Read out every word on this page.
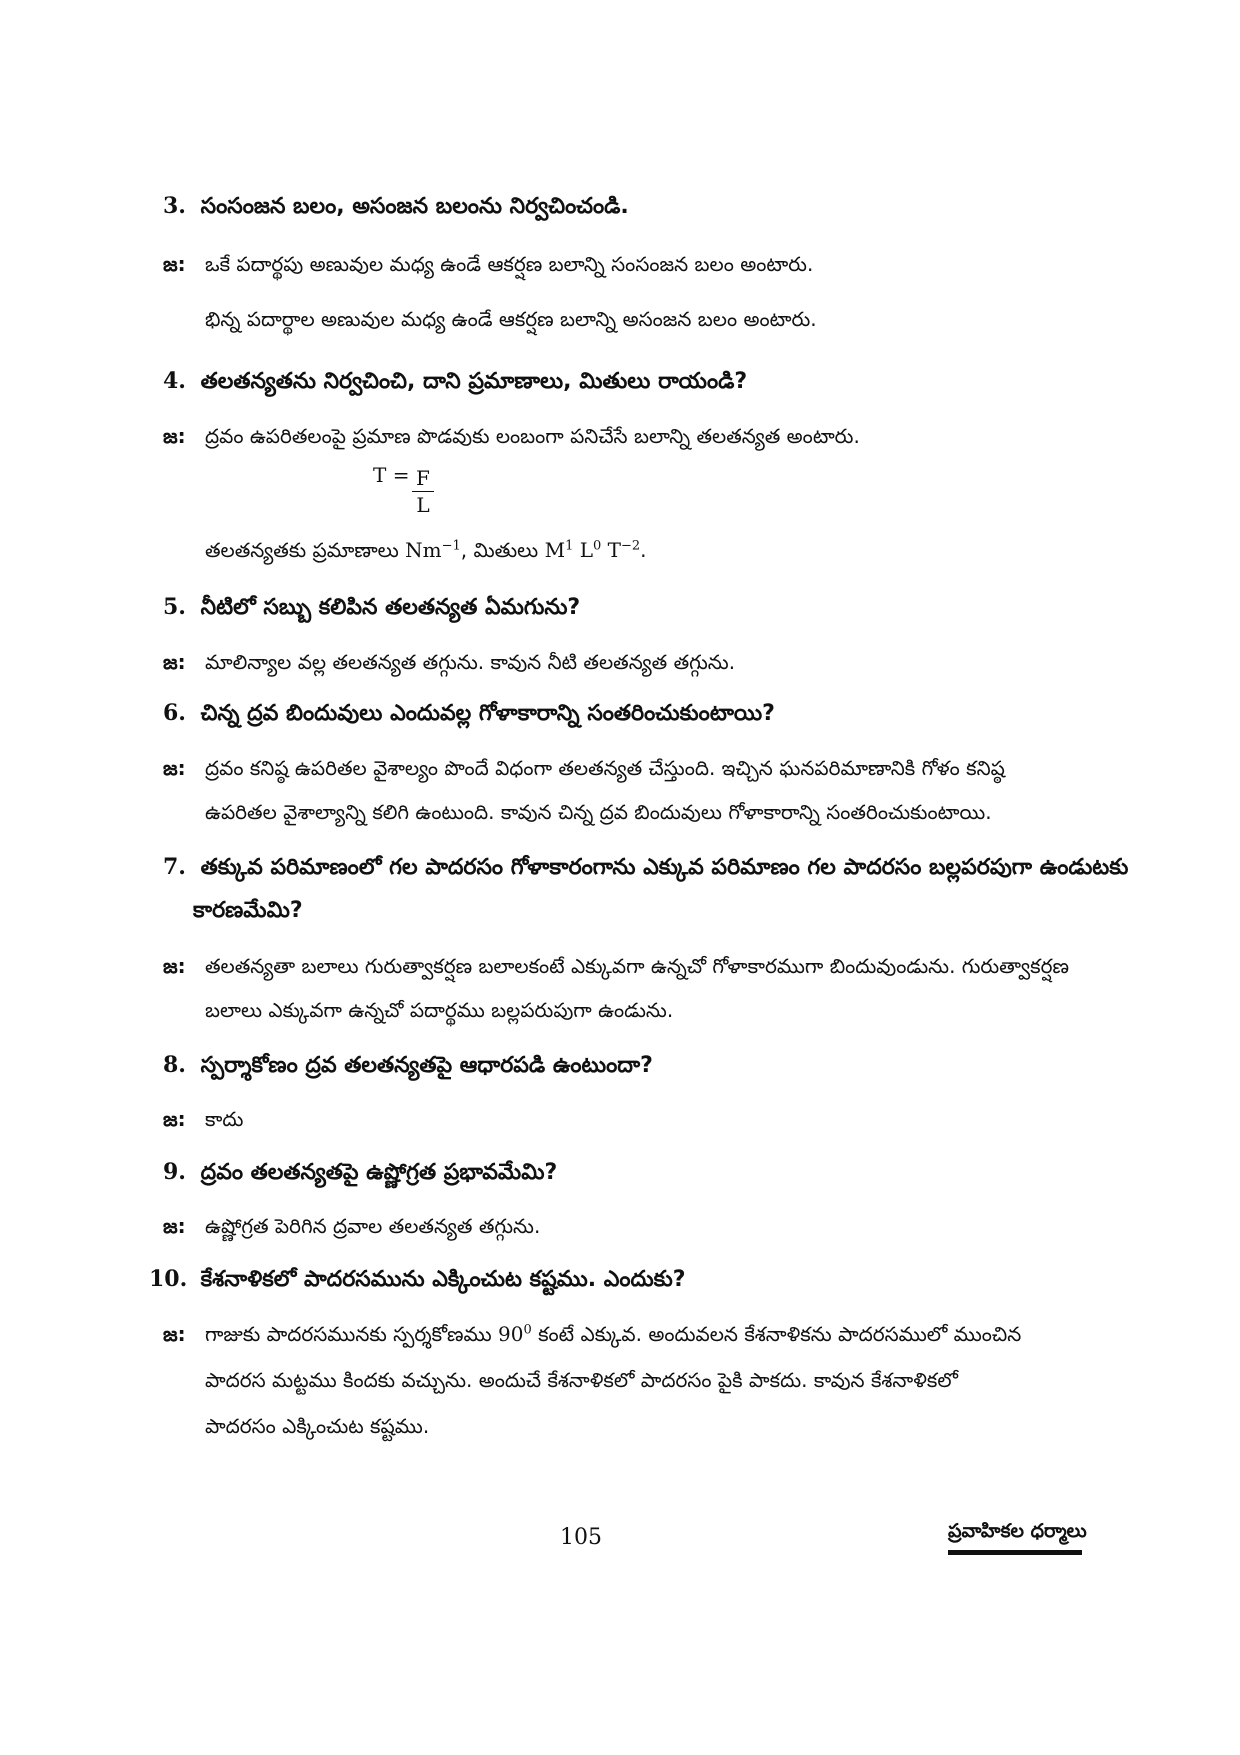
3. సంసంజన బలం, అసంజన బలంను నిర్వచించండి.
జ: ఒకే పదార్థపు అణువుల మధ్య ఉండే ఆకర్షణ బలాన్ని సంసంజన బలం అంటారు.
భిన్న పదార్థాల అణువుల మధ్య ఉండే ఆకర్షణ బలాన్ని అసంజన బలం అంటారు.
4. తలతన్యతను నిర్వచించి, దాని ప్రమాణాలు, మితులు రాయండి?
జ: ద్రవం ఉపరితలంపై ప్రమాణ పొడవుకు లంబంగా పనిచేసే బలాన్ని తలతన్యత అంటారు.
T = F
L
తలతన్యతకు ప్రమాణాలు $Nm^{-1}$, మితులు $M^1$ $L^0$ $T^{-2}$.
5. నీటిలో సబ్బు కలిపిన తలతన్యత ఏమగును?
జ: మాలిన్యాల వల్ల తలతన్యత తగ్గును. కావున నీటి తలతన్యత తగ్గును.
6. చిన్న ద్రవ బిందువులు ఎందువల్ల గోళాకారాన్ని సంతరించుకుంటాయి?
జ: ద్రవం కనిష్ఠ ఉపరితల వైశాల్యం పొందే విధంగా తలతన్యత చేస్తుంది. ఇచ్చిన ఘనపరిమాణానికి గోళం కనిష్ఠ
ఉపరితల వైశాల్యాన్ని కలిగి ఉంటుంది. కావున చిన్న ద్రవ బిందువులు గోళాకారాన్ని సంతరించుకుంటాయి.
7. తక్కువ పరిమాణంలో గల పాదరసం గోళాకారంగాను ఎక్కువ పరిమాణం గల పాదరసం బల్లపరపుగా ఉండుటకు
కారణమేమి?
జ: తలతన్యతా బలాలు గురుత్వాకర్షణ బలాలకంటే ఎక్కువగా ఉన్నచో గోళాకారముగా బిందువుండును. గురుత్వాకర్షణ
బలాలు ఎక్కువగా ఉన్నచో పదార్థము బల్లపరుపుగా ఉండును.
8. స్పర్శాకోణం ద్రవ తలతన్యతపై ఆధారపడి ఉంటుందా?
జ: కాదు
9. ద్రవం తలతన్యతపై ఉష్ణోగ్రత ప్రభావమేమి?
జ: ఉష్ణోగ్రత పెరిగిన ద్రవాల తలతన్యత తగ్గును.
10. కేశనాళికలో పాదరసమును ఎక్కించుట కష్టము. ఎందుకు?
జ: గాజుకు పాదరసమునకు స్పర్శకోణము $90^0$ కంటే ఎక్కువ. అందువలన కేశనాళికను పాదరసములో ముంచిన
పాదరస మట్టము కిందకు వచ్చును. అందుచే కేశనాళికలో పాదరసం పైకి పాకదు. కావున కేశనాళికలో
పాదరసం ఎక్కించుట కష్టము.
105	ప్రవాహికల ధర్మాలు
